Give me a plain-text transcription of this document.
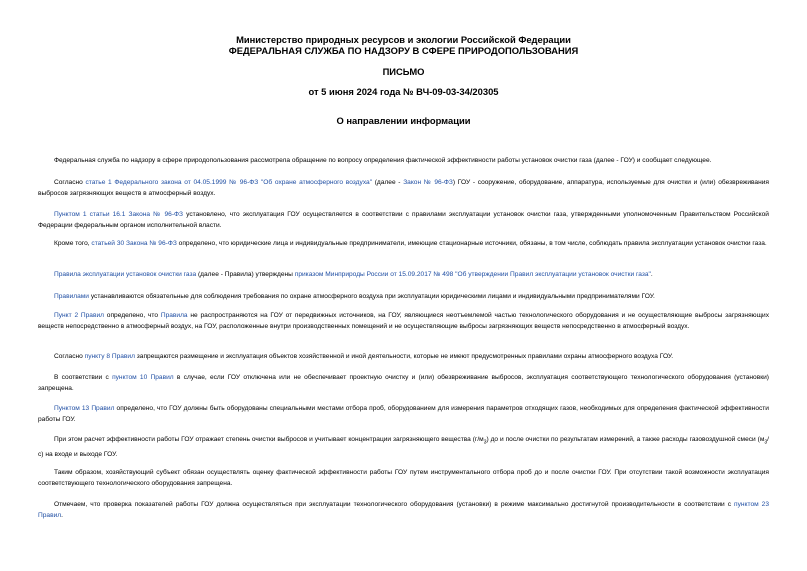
Министерство природных ресурсов и экологии Российской Федерации
ФЕДЕРАЛЬНАЯ СЛУЖБА ПО НАДЗОРУ В СФЕРЕ ПРИРОДОПОЛЬЗОВАНИЯ
ПИСЬМО
от 5 июня 2024 года № ВЧ-09-03-34/20305
О направлении информации

Федеральная служба по надзору в сфере природопользования рассмотрела обращение по вопросу определения фактической эффективности работы установок очистки газа (далее - ГОУ) и сообщает следующее.

Согласно статье 1 Федерального закона от 04.05.1999 № 96-ФЗ "Об охране атмосферного воздуха" (далее - Закон № 96-ФЗ) ГОУ - сооружение, оборудование, аппаратура, используемые для очистки и (или) обезвреживания выбросов загрязняющих веществ в атмосферный воздух.

Пунктом 1 статьи 16.1 Закона № 96-ФЗ установлено, что эксплуатация ГОУ осуществляется в соответствии с правилами эксплуатации установок очистки газа, утвержденными уполномоченным Правительством Российской Федерации федеральным органом исполнительной власти.

Кроме того, статьей 30 Закона № 96-ФЗ определено, что юридические лица и индивидуальные предприниматели, имеющие стационарные источники, обязаны, в том числе, соблюдать правила эксплуатации установок очистки газа.

Правила эксплуатации установок очистки газа (далее - Правила) утверждены приказом Минприроды России от 15.09.2017 № 498 "Об утверждении Правил эксплуатации установок очистки газа".

Правилами устанавливаются обязательные для соблюдения требования по охране атмосферного воздуха при эксплуатации юридическими лицами и индивидуальными предпринимателями ГОУ.

Пункт 2 Правил определено, что Правила не распространяются на ГОУ от передвижных источников, на ГОУ, являющиеся неотъемлемой частью технологического оборудования и не осуществляющие выбросы загрязняющих веществ непосредственно в атмосферный воздух, на ГОУ, расположенные внутри производственных помещений и не осуществляющие выбросы загрязняющих веществ непосредственно в атмосферный воздух.

Согласно пункту 8 Правил запрещаются размещение и эксплуатация объектов хозяйственной и иной деятельности, которые не имеют предусмотренных правилами охраны атмосферного воздуха ГОУ.

В соответствии с пунктом 10 Правил в случае, если ГОУ отключена или не обеспечивает проектную очистку и (или) обезвреживание выбросов, эксплуатация соответствующего технологического оборудования (установки) запрещена.

Пунктом 13 Правил определено, что ГОУ должны быть оборудованы специальными местами отбора проб, оборудованием для измерения параметров отходящих газов, необходимых для определения фактической эффективности работы ГОУ.

При этом расчет эффективности работы ГОУ отражает степень очистки выбросов и учитывает концентрации загрязняющего вещества $(г/м_3)$ до и после очистки по результатам измерений, а также расходы газовоздушной смеси $(м_3/с)$ на входе и выходе ГОУ.

Таким образом, хозяйствующий субъект обязан осуществлять оценку фактической эффективности работы ГОУ путем инструментального отбора проб до и после очистки ГОУ. При отсутствии такой возможности эксплуатация соответствующего технологического оборудования запрещена.

Отмечаем, что проверка показателей работы ГОУ должна осуществляться при эксплуатации технологического оборудования (установки) в режиме максимально достигнутой производительности в соответствии с пунктом 23 Правил.
